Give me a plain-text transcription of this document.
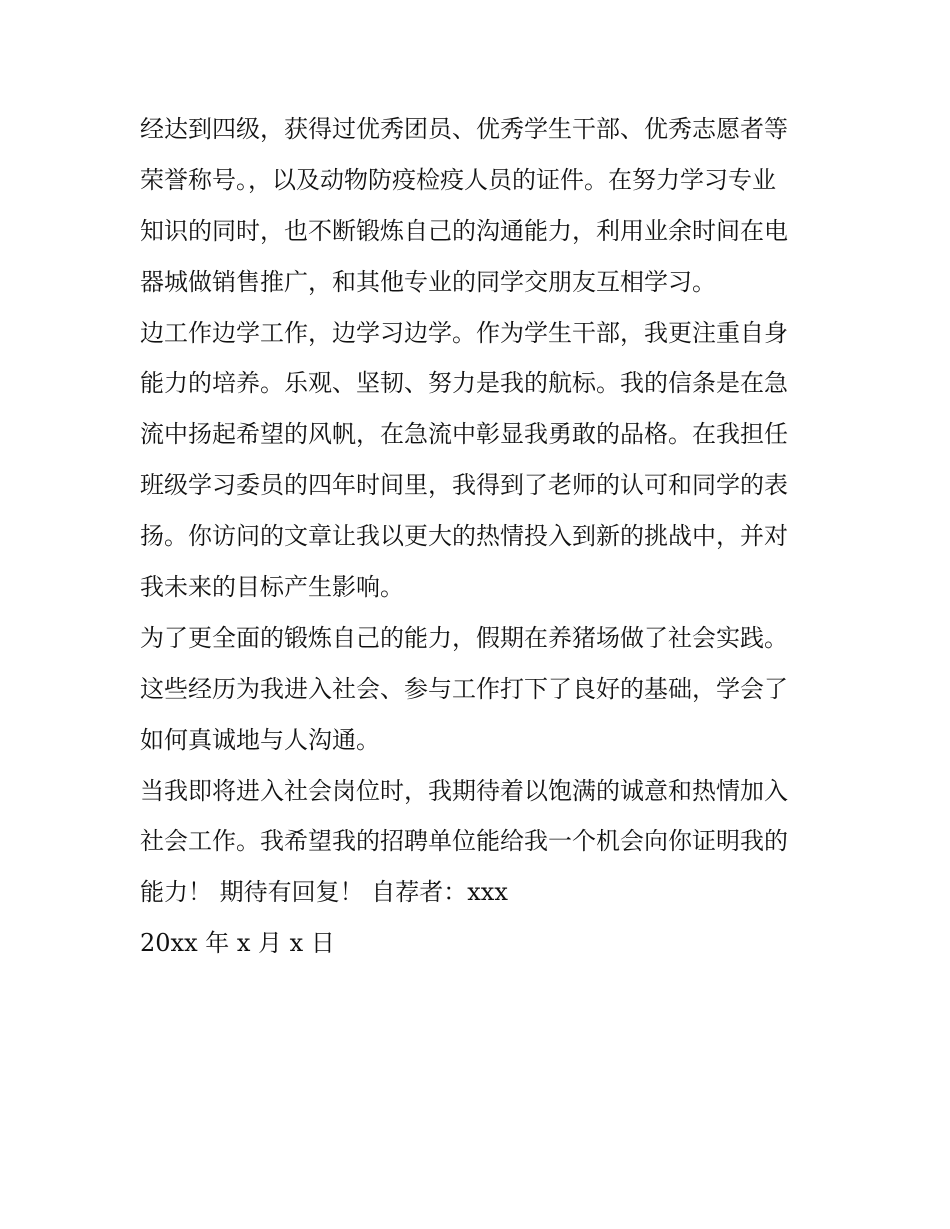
经达到四级，获得过优秀团员、优秀学生干部、优秀志愿者等
荣誉称号。，以及动物防疫检疫人员的证件。在努力学习专业
知识的同时，也不断锻炼自己的沟通能力，利用业余时间在电
器城做销售推广，和其他专业的同学交朋友互相学习。
边工作边学工作，边学习边学。作为学生干部，我更注重自身
能力的培养。乐观、坚韧、努力是我的航标。我的信条是在急
流中扬起希望的风帆，在急流中彰显我勇敢的品格。在我担任
班级学习委员的四年时间里，我得到了老师的认可和同学的表
扬。你访问的文章让我以更大的热情投入到新的挑战中，并对
我未来的目标产生影响。
为了更全面的锻炼自己的能力，假期在养猪场做了社会实践。
这些经历为我进入社会、参与工作打下了良好的基础，学会了
如何真诚地与人沟通。
当我即将进入社会岗位时，我期待着以饱满的诚意和热情加入
社会工作。我希望我的招聘单位能给我一个机会向你证明我的
能力！ 期待有回复！ 自荐者：xxx
20xx 年 x 月 x 日
